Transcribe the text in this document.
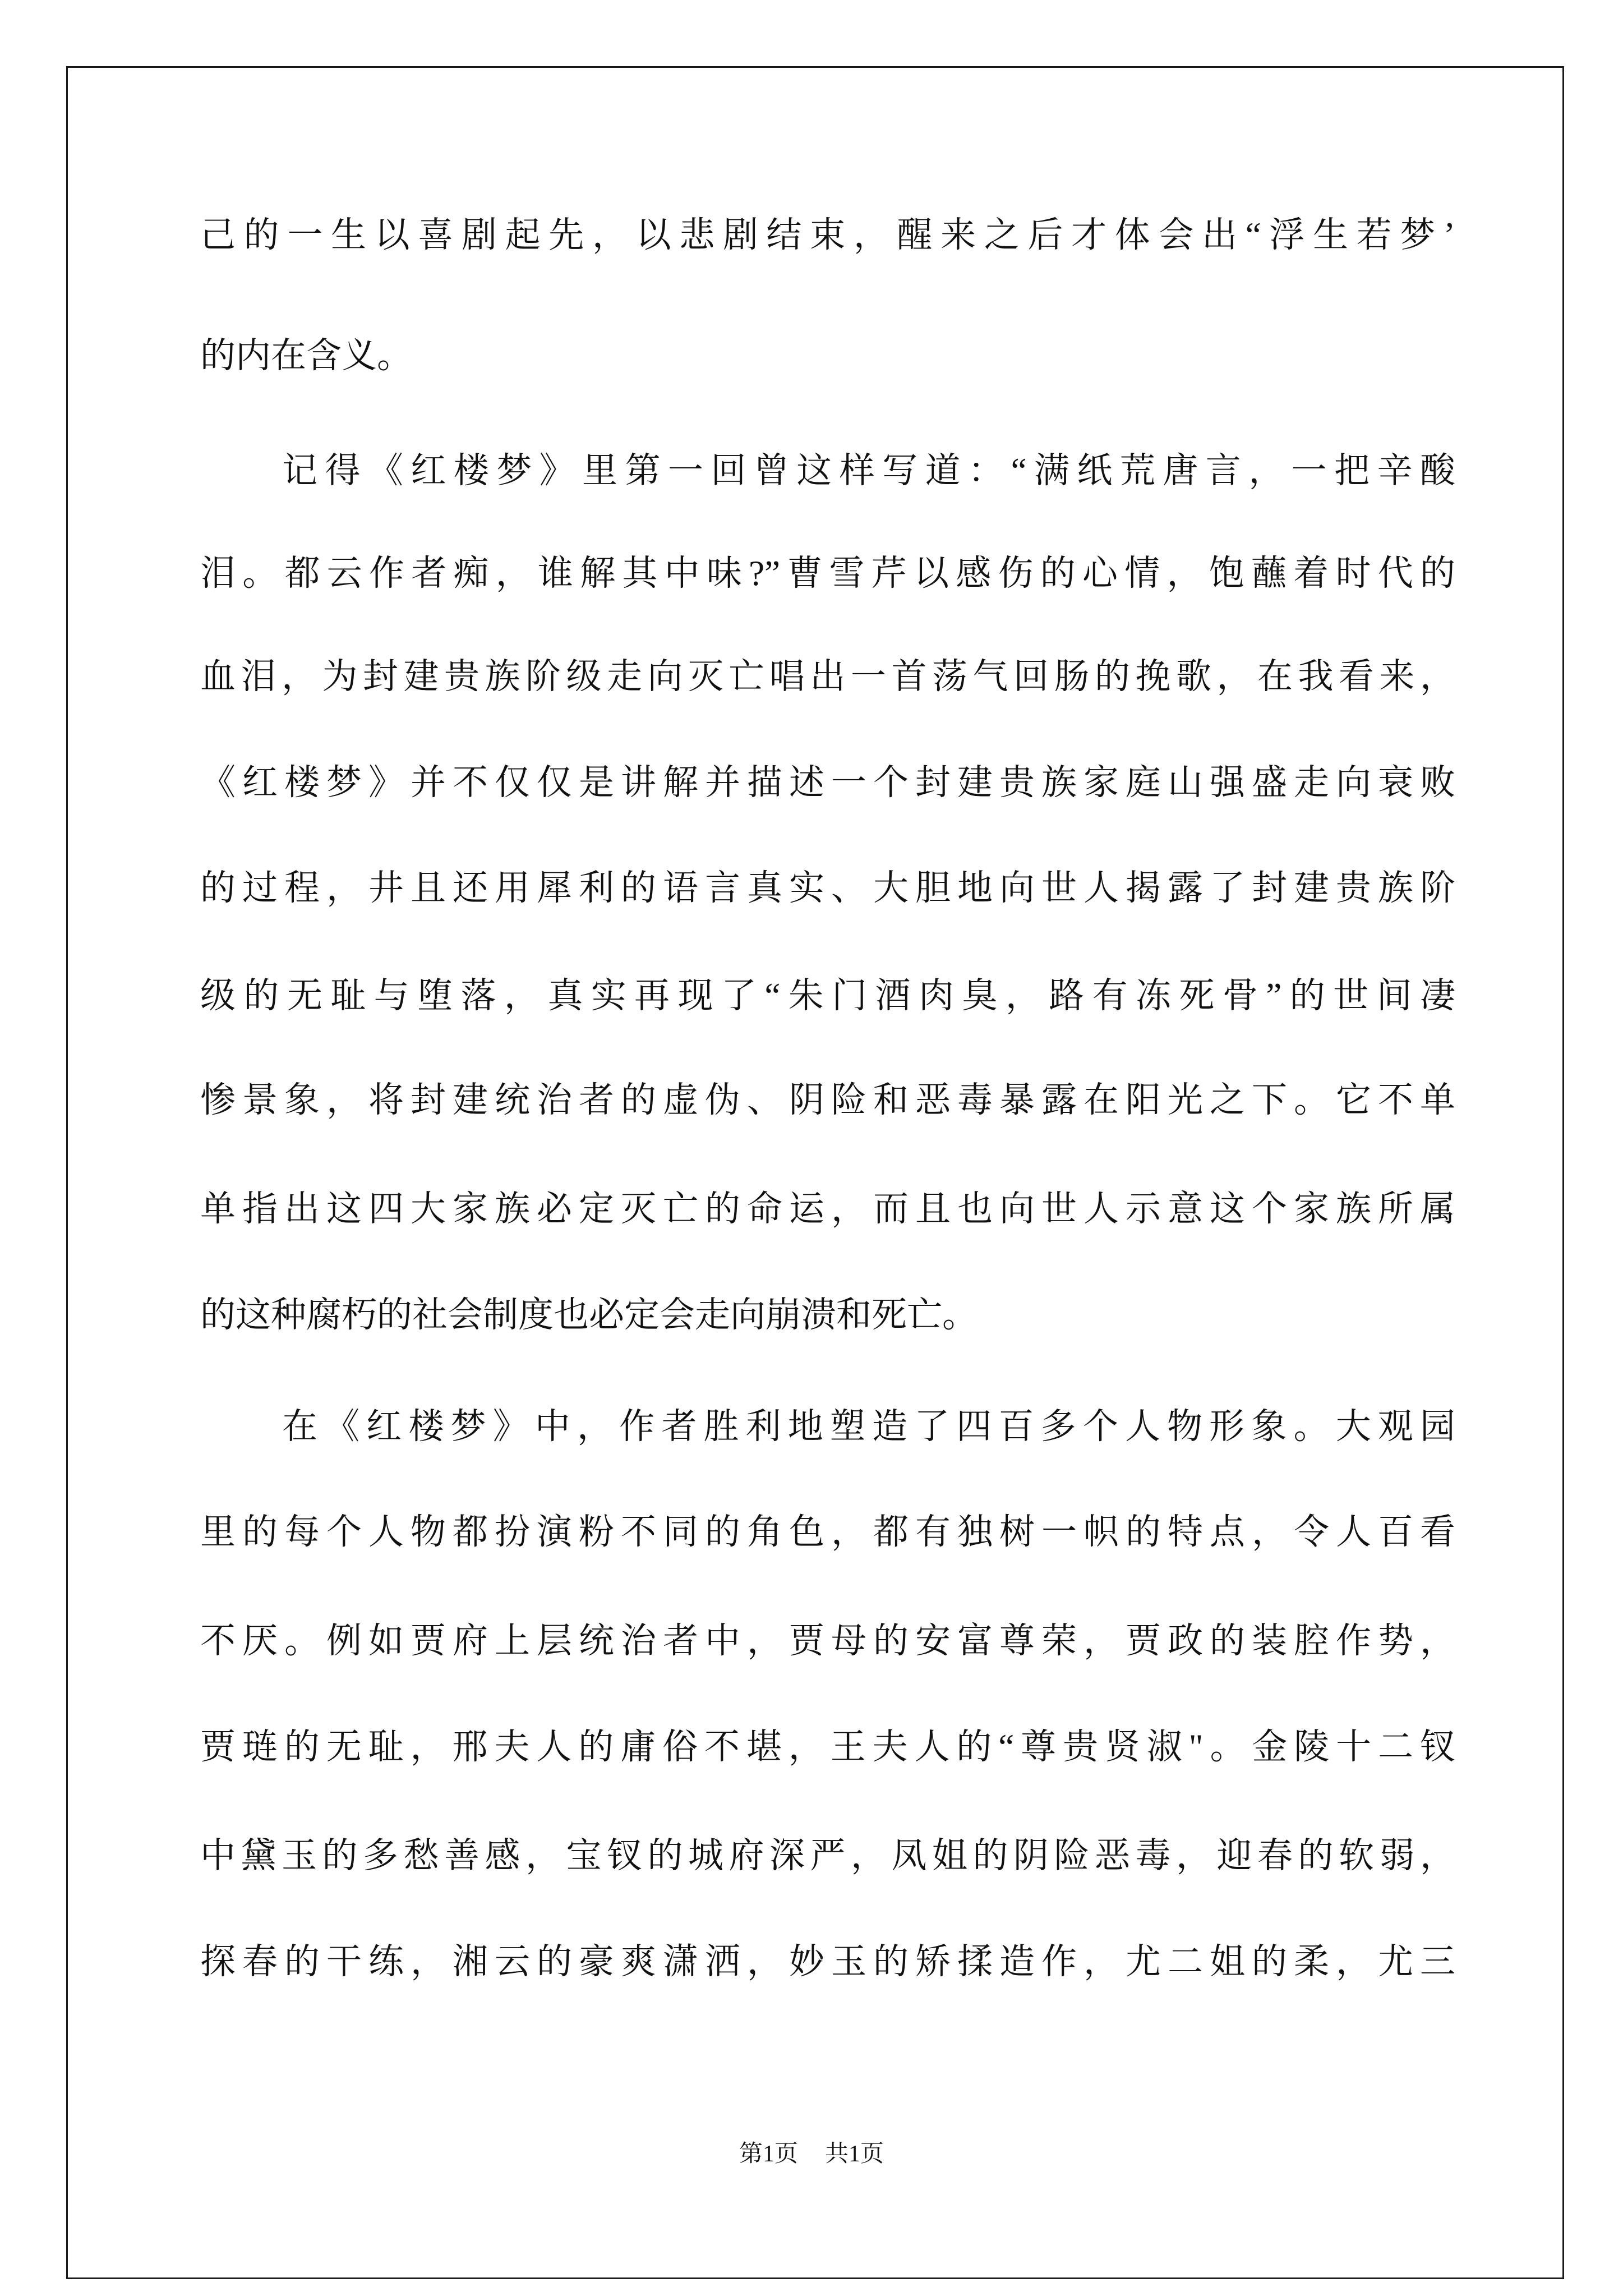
己的一生以喜剧起先，以悲剧结束，醒来之后才体会出“浮生若梦’
的内在含义。
记得《红楼梦》里第一回曾这样写道：“满纸荒唐言，一把辛酸
泪。都云作者痴，谁解其中味?”曹雪芹以感伤的心情，饱蘸着时代的
血泪，为封建贵族阶级走向灭亡唱出一首荡气回肠的挽歌，在我看来，
《红楼梦》并不仅仅是讲解并描述一个封建贵族家庭山强盛走向衰败
的过程，井且还用犀利的语言真实、大胆地向世人揭露了封建贵族阶
级的无耻与堕落，真实再现了“朱门酒肉臭，路有冻死骨”的世间凄
惨景象，将封建统治者的虚伪、阴险和恶毒暴露在阳光之下。它不单
单指出这四大家族必定灭亡的命运，而且也向世人示意这个家族所属
的这种腐朽的社会制度也必定会走向崩溃和死亡。
在《红楼梦》中，作者胜利地塑造了四百多个人物形象。大观园
里的每个人物都扮演粉不同的角色，都有独树一帜的特点，令人百看
不厌。例如贾府上层统治者中，贾母的安富尊荣，贾政的装腔作势，
贾琏的无耻，邢夫人的庸俗不堪，王夫人的“尊贵贤淑"。金陵十二钗
中黛玉的多愁善感，宝钗的城府深严，凤姐的阴险恶毒，迎春的软弱，
探春的干练，湘云的豪爽潇洒，妙玉的矫揉造作，尤二姐的柔，尤三
第1页 共1页
